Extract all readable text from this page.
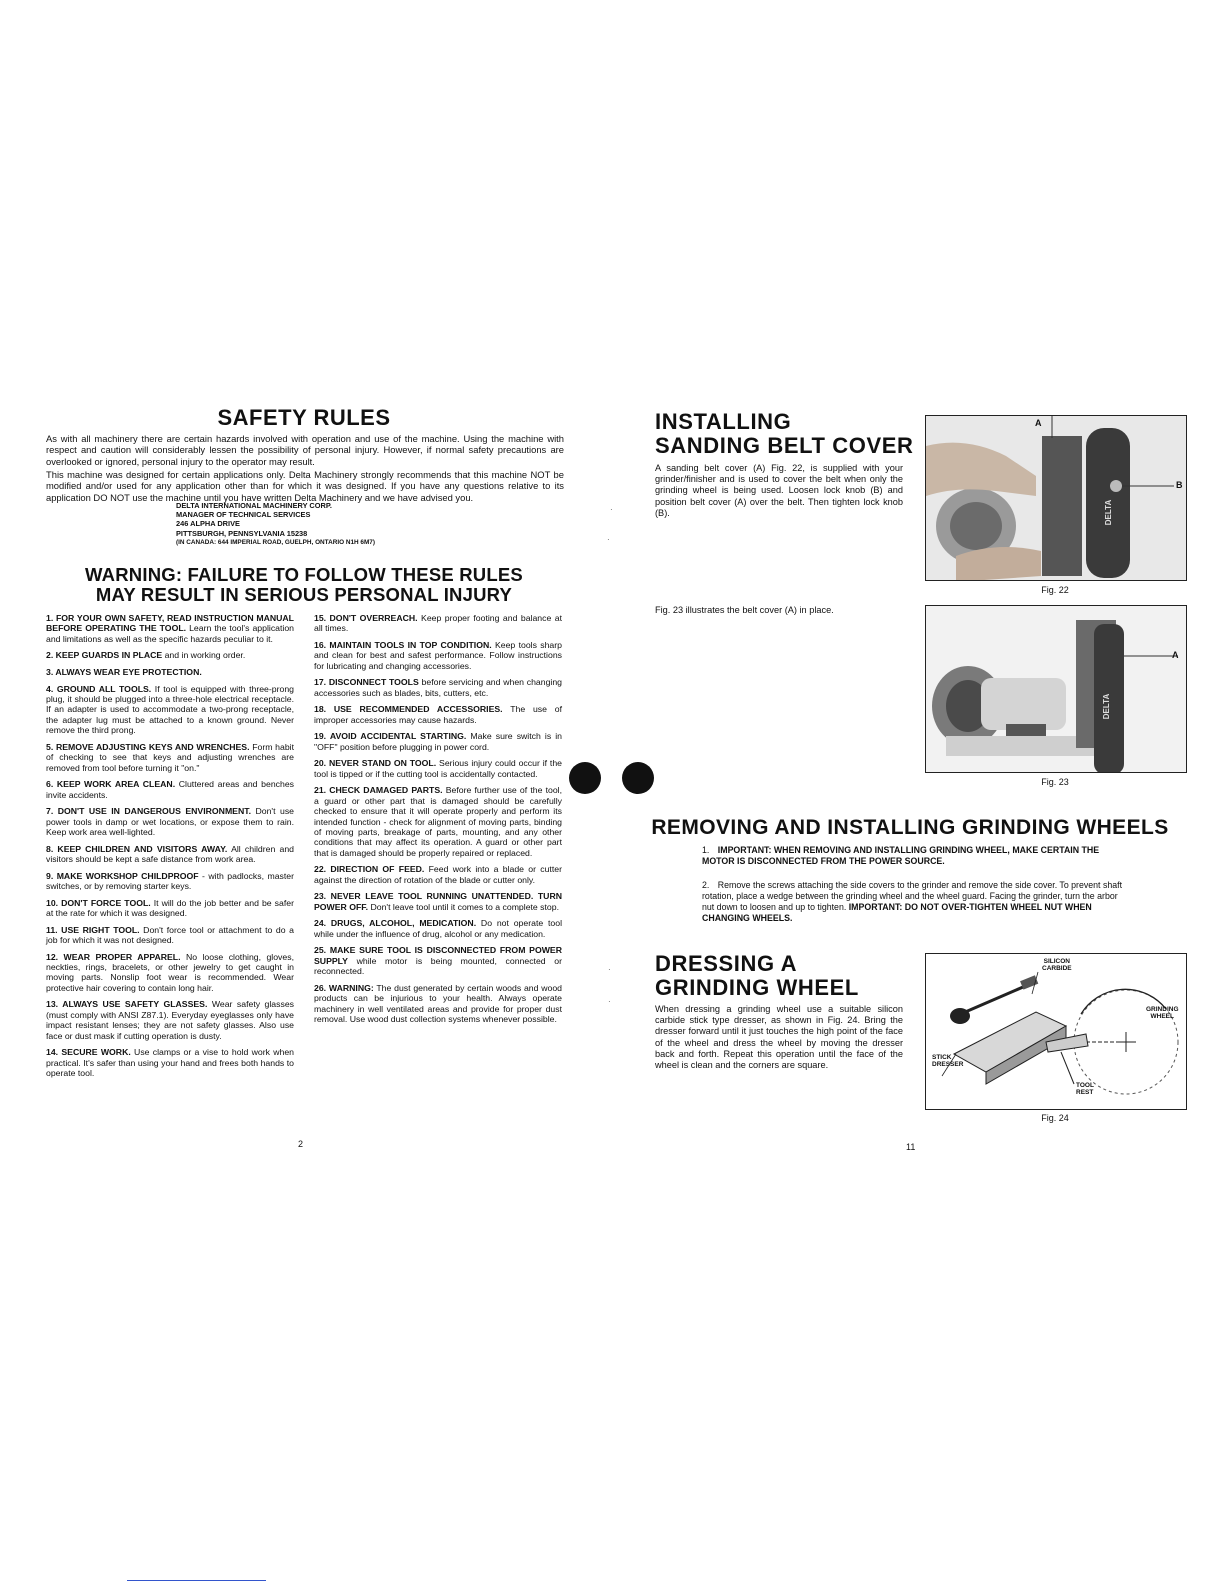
SAFETY RULES

As with all machinery there are certain hazards involved with operation and use of the machine. Using the machine with respect and caution will considerably lessen the possibility of personal injury. However, if normal safety precautions are overlooked or ignored, personal injury to the operator may result.

This machine was designed for certain applications only. Delta Machinery strongly recommends that this machine NOT be modified and/or used for any application other than for which it was designed. If you have any questions relative to its application DO NOT use the machine until you have written Delta Machinery and we have advised you.

DELTA INTERNATIONAL MACHINERY CORP.
MANAGER OF TECHNICAL SERVICES
246 ALPHA DRIVE
PITTSBURGH, PENNSYLVANIA 15238
(IN CANADA: 644 IMPERIAL ROAD, GUELPH, ONTARIO N1H 6M7)
WARNING: FAILURE TO FOLLOW THESE RULES
MAY RESULT IN SERIOUS PERSONAL INJURY

1. FOR YOUR OWN SAFETY, READ INSTRUCTION MANUAL BEFORE OPERATING THE TOOL. Learn the tool's application and limitations as well as the specific hazards peculiar to it.

2. KEEP GUARDS IN PLACE and in working order.

3. ALWAYS WEAR EYE PROTECTION.

4. GROUND ALL TOOLS. If tool is equipped with three-prong plug, it should be plugged into a three-hole electrical receptacle. If an adapter is used to accommodate a two-prong receptacle, the adapter lug must be attached to a known ground. Never remove the third prong.

5. REMOVE ADJUSTING KEYS AND WRENCHES. Form habit of checking to see that keys and adjusting wrenches are removed from tool before turning it "on."

6. KEEP WORK AREA CLEAN. Cluttered areas and benches invite accidents.

7. DON'T USE IN DANGEROUS ENVIRONMENT. Don't use power tools in damp or wet locations, or expose them to rain. Keep work area well-lighted.

8. KEEP CHILDREN AND VISITORS AWAY. All children and visitors should be kept a safe distance from work area.

9. MAKE WORKSHOP CHILDPROOF - with padlocks, master switches, or by removing starter keys.

10. DON'T FORCE TOOL. It will do the job better and be safer at the rate for which it was designed.

11. USE RIGHT TOOL. Don't force tool or attachment to do a job for which it was not designed.

12. WEAR PROPER APPAREL. No loose clothing, gloves, neckties, rings, bracelets, or other jewelry to get caught in moving parts. Nonslip foot wear is recommended. Wear protective hair covering to contain long hair.

13. ALWAYS USE SAFETY GLASSES. Wear safety glasses (must comply with ANSI Z87.1). Everyday eyeglasses only have impact resistant lenses; they are not safety glasses. Also use face or dust mask if cutting operation is dusty.

14. SECURE WORK. Use clamps or a vise to hold work when practical. It's safer than using your hand and frees both hands to operate tool.

15. DON'T OVERREACH. Keep proper footing and balance at all times.

16. MAINTAIN TOOLS IN TOP CONDITION. Keep tools sharp and clean for best and safest performance. Follow instructions for lubricating and changing accessories.

17. DISCONNECT TOOLS before servicing and when changing accessories such as blades, bits, cutters, etc.

18. USE RECOMMENDED ACCESSORIES. The use of improper accessories may cause hazards.

19. AVOID ACCIDENTAL STARTING. Make sure switch is in "OFF" position before plugging in power cord.

20. NEVER STAND ON TOOL. Serious injury could occur if the tool is tipped or if the cutting tool is accidentally contacted.

21. CHECK DAMAGED PARTS. Before further use of the tool, a guard or other part that is damaged should be carefully checked to ensure that it will operate properly and perform its intended function - check for alignment of moving parts, binding of moving parts, breakage of parts, mounting, and any other conditions that may affect its operation. A guard or other part that is damaged should be properly repaired or replaced.

22. DIRECTION OF FEED. Feed work into a blade or cutter against the direction of rotation of the blade or cutter only.

23. NEVER LEAVE TOOL RUNNING UNATTENDED. TURN POWER OFF. Don't leave tool until it comes to a complete stop.

24. DRUGS, ALCOHOL, MEDICATION. Do not operate tool while under the influence of drug, alcohol or any medication.

25. MAKE SURE TOOL IS DISCONNECTED FROM POWER SUPPLY while motor is being mounted, connected or reconnected.

26. WARNING: The dust generated by certain woods and wood products can be injurious to your health. Always operate machinery in well ventilated areas and provide for proper dust removal. Use wood dust collection systems whenever possible.

2
INSTALLING
SANDING BELT COVER

A sanding belt cover (A) Fig. 22, is supplied with your grinder/finisher and is used to cover the belt when only the grinding wheel is being used. Loosen lock knob (B) and position belt cover (A) over the belt. Then tighten lock knob (B).

A
B
DELTA
Fig. 22

Fig. 23 illustrates the belt cover (A) in place.

A
DELTA
Fig. 23
REMOVING AND INSTALLING GRINDING WHEELS
1. IMPORTANT: WHEN REMOVING AND INSTALLING GRINDING WHEEL, MAKE CERTAIN THE MOTOR IS DISCONNECTED FROM THE POWER SOURCE.
2. Remove the screws attaching the side covers to the grinder and remove the side cover. To prevent shaft rotation, place a wedge between the grinding wheel and the wheel guard. Facing the grinder, turn the arbor nut down to loosen and up to tighten. IMPORTANT: DO NOT OVER-TIGHTEN WHEEL NUT WHEN CHANGING WHEELS.
DRESSING A
GRINDING WHEEL

When dressing a grinding wheel use a suitable silicon carbide stick type dresser, as shown in Fig. 24. Bring the dresser forward until it just touches the high point of the face of the wheel and dress the wheel by moving the dresser back and forth. Repeat this operation until the face of the wheel is clean and the corners are square.

SILICON
CARBIDE
GRINDING
WHEEL
STICK
DRESSER
TOOL
REST
Fig. 24
11
·
·
·
·
